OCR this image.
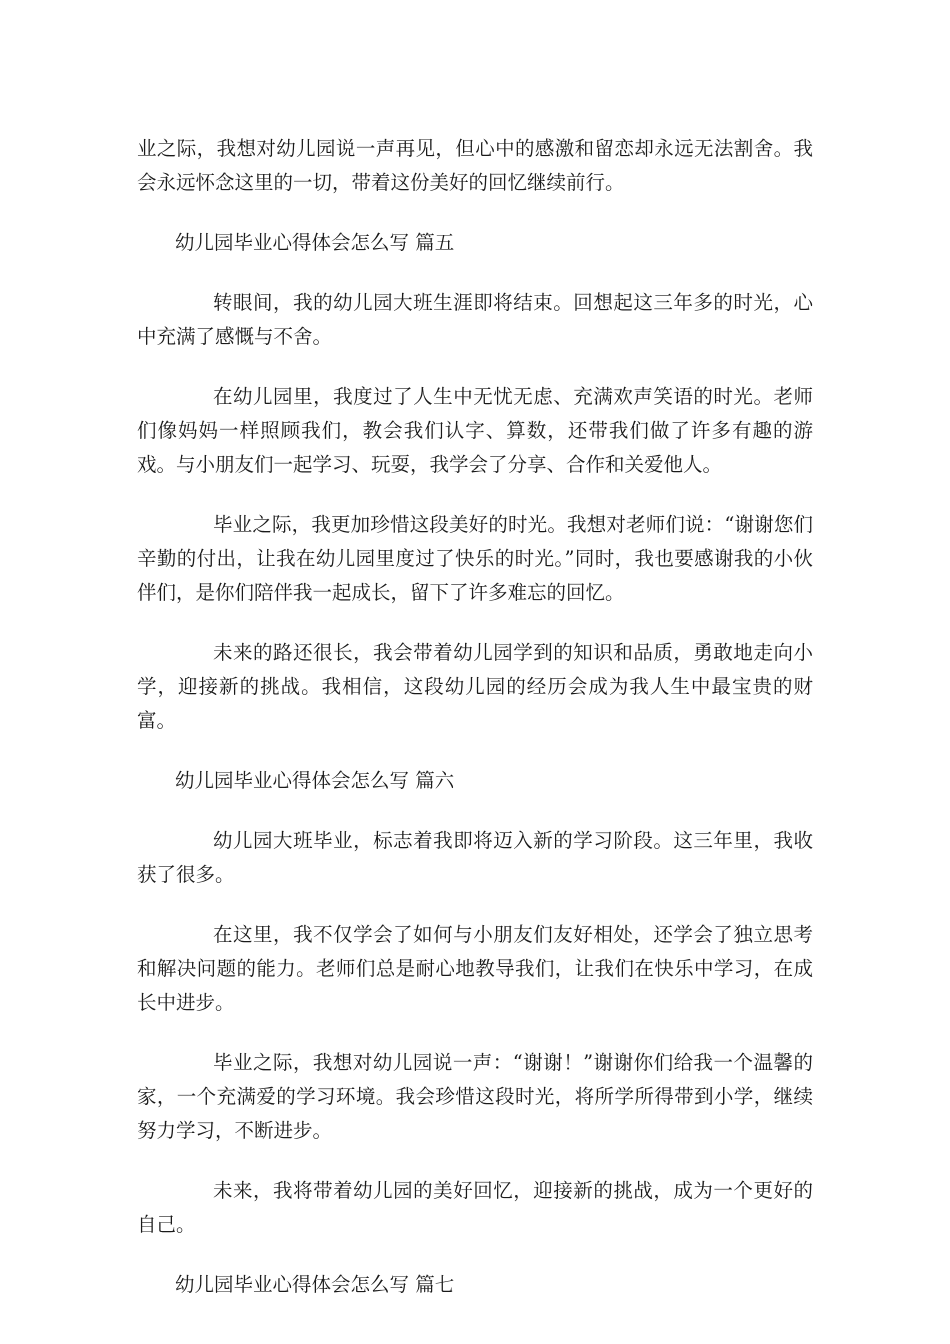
业之际，我想对幼儿园说一声再见，但心中的感激和留恋却永远无法割舍。我会永远怀念这里的一切，带着这份美好的回忆继续前行。

幼儿园毕业心得体会怎么写 篇五

转眼间，我的幼儿园大班生涯即将结束。回想起这三年多的时光，心中充满了感慨与不舍。

在幼儿园里，我度过了人生中无忧无虑、充满欢声笑语的时光。老师们像妈妈一样照顾我们，教会我们认字、算数，还带我们做了许多有趣的游戏。与小朋友们一起学习、玩耍，我学会了分享、合作和关爱他人。

毕业之际，我更加珍惜这段美好的时光。我想对老师们说：“谢谢您们辛勤的付出，让我在幼儿园里度过了快乐的时光。”同时，我也要感谢我的小伙伴们，是你们陪伴我一起成长，留下了许多难忘的回忆。

未来的路还很长，我会带着幼儿园学到的知识和品质，勇敢地走向小学，迎接新的挑战。我相信，这段幼儿园的经历会成为我人生中最宝贵的财富。

幼儿园毕业心得体会怎么写 篇六

幼儿园大班毕业，标志着我即将迈入新的学习阶段。这三年里，我收获了很多。

在这里，我不仅学会了如何与小朋友们友好相处，还学会了独立思考和解决问题的能力。老师们总是耐心地教导我们，让我们在快乐中学习，在成长中进步。

毕业之际，我想对幼儿园说一声：“谢谢！”谢谢你们给我一个温馨的家，一个充满爱的学习环境。我会珍惜这段时光，将所学所得带到小学，继续努力学习，不断进步。

未来，我将带着幼儿园的美好回忆，迎接新的挑战，成为一个更好的自己。

幼儿园毕业心得体会怎么写 篇七
